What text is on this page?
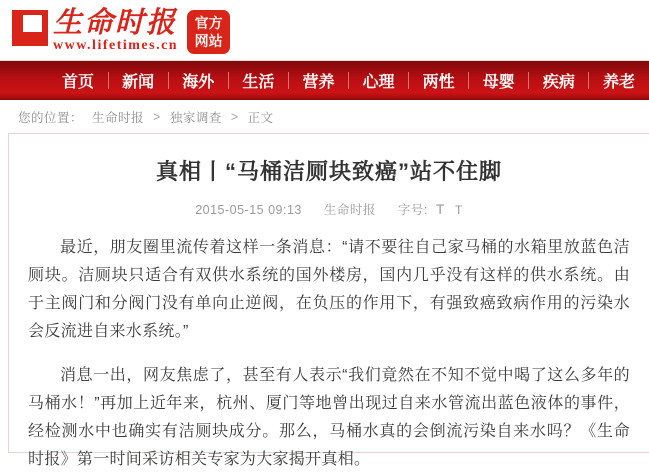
生命时报
www.lifetimes.cn
官方
网站
首页 新闻 海外 生活 营养 心理 两性 母婴 疾病 养老
您的位置： 生命时报 > 独家调查 > 正文
真相丨“马桶洁厕块致癌”站不住脚
2015-05-15 09:13 生命时报 字号: T T

最近，朋友圈里流传着这样一条消息：“请不要往自己家马桶的水箱里放蓝色洁厕块。洁厕块只适合有双供水系统的国外楼房，国内几乎没有这样的供水系统。由于主阀门和分阀门没有单向止逆阀，在负压的作用下，有强致癌致病作用的污染水会反流进自来水系统。”

消息一出，网友焦虑了，甚至有人表示“我们竟然在不知不觉中喝了这么多年的马桶水！”再加上近年来，杭州、厦门等地曾出现过自来水管流出蓝色液体的事件，经检测水中也确实有洁厕块成分。那么，马桶水真的会倒流污染自来水吗？《生命时报》第一时间采访相关专家为大家揭开真相。
